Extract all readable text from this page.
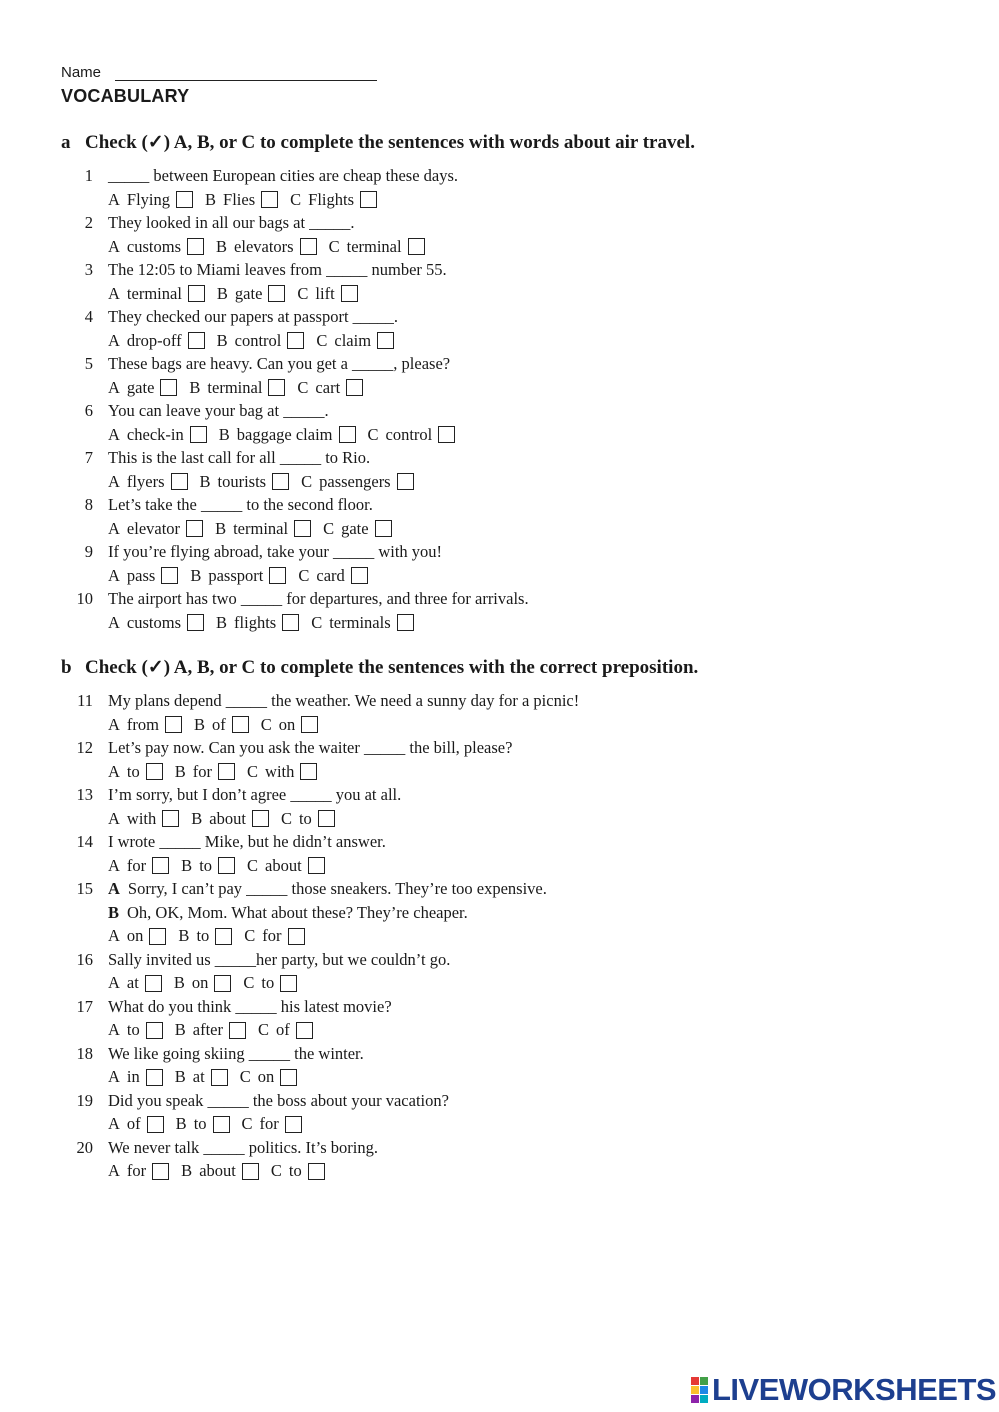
Name
VOCABULARY
a Check (✓) A, B, or C to complete the sentences with words about air travel.
1 _____ between European cities are cheap these days.
A Flying B Flies C Flights
2 They looked in all our bags at _____.
A customs B elevators C terminal
3 The 12:05 to Miami leaves from _____ number 55.
A terminal B gate C lift
4 They checked our papers at passport _____.
A drop-off B control C claim
5 These bags are heavy. Can you get a _____, please?
A gate B terminal C cart
6 You can leave your bag at _____.
A check-in B baggage claim C control
7 This is the last call for all _____ to Rio.
A flyers B tourists C passengers
8 Let’s take the _____ to the second floor.
A elevator B terminal C gate
9 If you’re flying abroad, take your _____ with you!
A pass B passport C card
10 The airport has two _____ for departures, and three for arrivals.
A customs B flights C terminals
b Check (✓) A, B, or C to complete the sentences with the correct preposition.
11 My plans depend _____ the weather. We need a sunny day for a picnic!
A from B of C on
12 Let’s pay now. Can you ask the waiter _____ the bill, please?
A to B for C with
13 I’m sorry, but I don’t agree _____ you at all.
A with B about C to
14 I wrote _____ Mike, but he didn’t answer.
A for B to C about
15 A Sorry, I can’t pay _____ those sneakers. They’re too expensive.
B Oh, OK, Mom. What about these? They’re cheaper.
A on B to C for
16 Sally invited us _____her party, but we couldn’t go.
A at B on C to
17 What do you think _____ his latest movie?
A to B after C of
18 We like going skiing _____ the winter.
A in B at C on
19 Did you speak _____ the boss about your vacation?
A of B to C for
20 We never talk _____ politics. It’s boring.
A for B about C to
LIVEWORKSHEETS
